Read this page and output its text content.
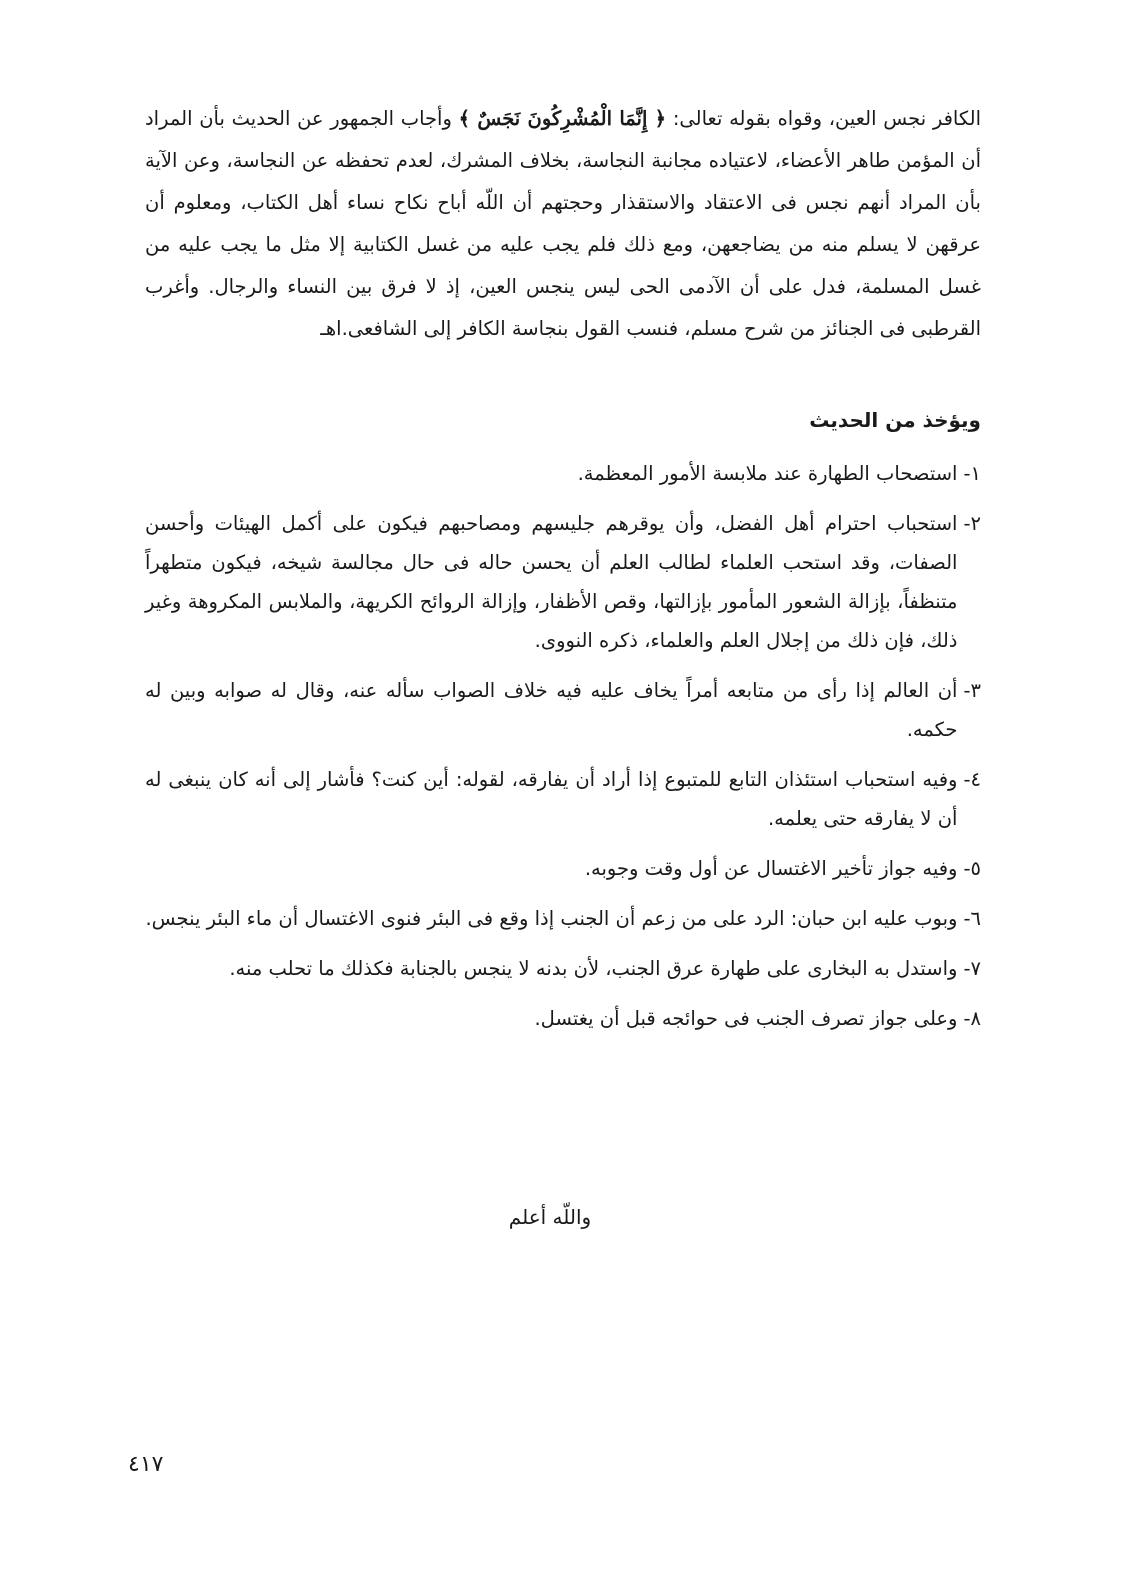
الكافر نجس العين، وقواه بقوله تعالى: ﴿ إِنَّمَا الْمُشْرِكُونَ نَجَسٌ ﴾ وأجاب الجمهور عن الحديث بأن المراد أن المؤمن طاهر الأعضاء، لاعتياده مجانبة النجاسة، بخلاف المشرك، لعدم تحفظه عن النجاسة، وعن الآية بأن المراد أنهم نجس فى الاعتقاد والاستقذار وحجتهم أن اللّه أباح نكاح نساء أهل الكتاب، ومعلوم أن عرقهن لا يسلم منه من يضاجعهن، ومع ذلك فلم يجب عليه من غسل الكتابية إلا مثل ما يجب عليه من غسل المسلمة، فدل على أن الآدمى الحى ليس ينجس العين، إذ لا فرق بين النساء والرجال. وأغرب القرطبى فى الجنائز من شرح مسلم، فنسب القول بنجاسة الكافر إلى الشافعى.اهـ

ويؤخذ من الحديث
١-
استصحاب الطهارة عند ملابسة الأمور المعظمة.
٢-
استحباب احترام أهل الفضل، وأن يوقرهم جليسهم ومصاحبهم فيكون على أكمل الهيئات وأحسن الصفات، وقد استحب العلماء لطالب العلم أن يحسن حاله فى حال مجالسة شيخه، فيكون متطهراً متنظفاً، بإزالة الشعور المأمور بإزالتها، وقص الأظفار، وإزالة الروائح الكريهة، والملابس المكروهة وغير ذلك، فإن ذلك من إجلال العلم والعلماء، ذكره النووى.
٣-
أن العالم إذا رأى من متابعه أمراً يخاف عليه فيه خلاف الصواب سأله عنه، وقال له صوابه وبين له حكمه.
٤-
وفيه استحباب استئذان التابع للمتبوع إذا أراد أن يفارقه، لقوله: أين كنت؟ فأشار إلى أنه كان ينبغى له أن لا يفارقه حتى يعلمه.
٥-
وفيه جواز تأخير الاغتسال عن أول وقت وجوبه.
٦-
وبوب عليه ابن حبان: الرد على من زعم أن الجنب إذا وقع فى البئر فنوى الاغتسال أن ماء البئر ينجس.
٧-
واستدل به البخارى على طهارة عرق الجنب، لأن بدنه لا ينجس بالجنابة فكذلك ما تحلب منه.
٨-
وعلى جواز تصرف الجنب فى حوائجه قبل أن يغتسل.
واللّه أعلم
٤١٧
